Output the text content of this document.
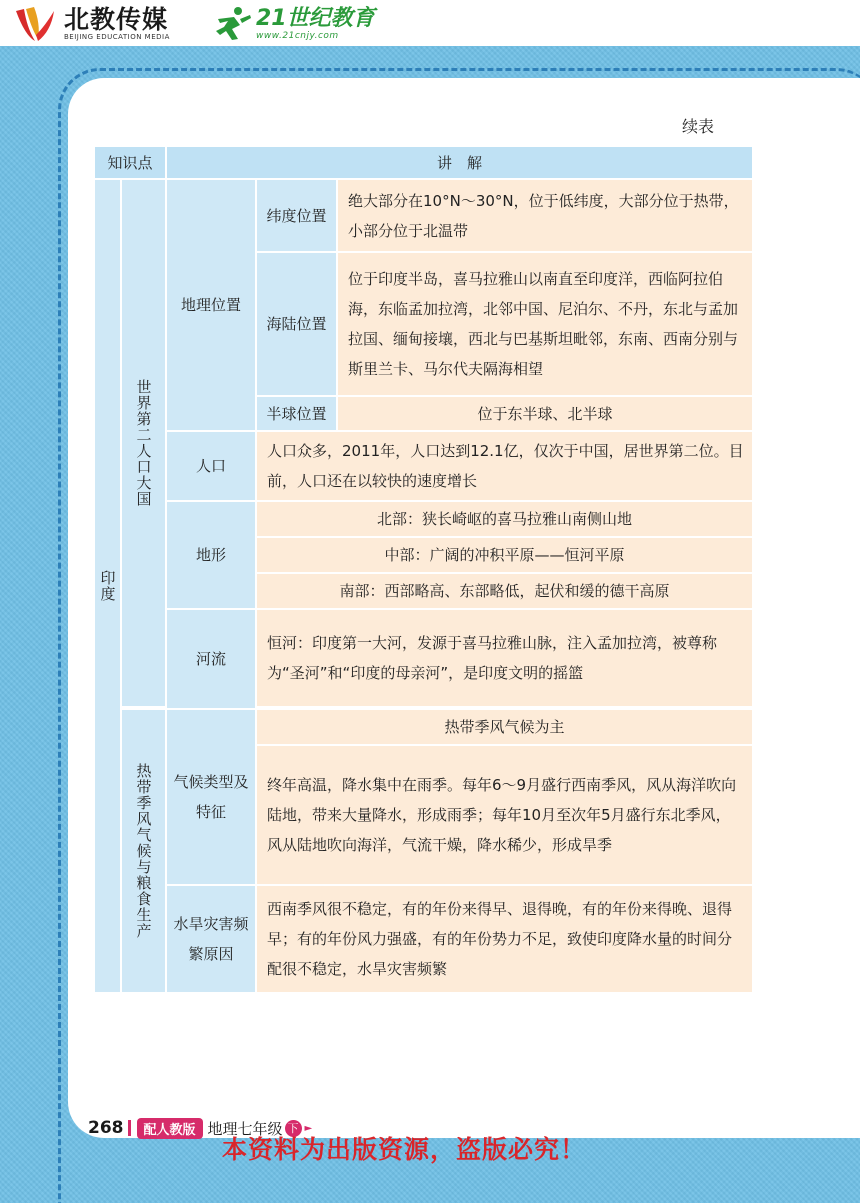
北教传媒
BEIJING EDUCATION MEDIA
21世纪教育
www.21cnjy.com
续表
知识点		讲　解		

印度	世界第二人口大国	地理位置	纬度位置	绝大部分在10°N～30°N，位于低纬度，大部分位于热带，小部分位于北温带
			海陆位置	位于印度半岛，喜马拉雅山以南直至印度洋，西临阿拉伯海，东临孟加拉湾，北邻中国、尼泊尔、不丹，东北与孟加拉国、缅甸接壤，西北与巴基斯坦毗邻，东南、西南分别与斯里兰卡、马尔代夫隔海相望
			半球位置	位于东半球、北半球
		人口	人口众多，2011年，人口达到12.1亿，仅次于中国，居世界第二位。目前，人口还在以较快的速度增长	
		地形	北部：狭长崎岖的喜马拉雅山南侧山地	
			中部：广阔的冲积平原——恒河平原	
			南部：西部略高、东部略低，起伏和缓的德干高原	
		河流	恒河：印度第一大河，发源于喜马拉雅山脉，注入孟加拉湾，被尊称为“圣河”和“印度的母亲河”，是印度文明的摇篮	

	热带季风气候与粮食生产	气候类型及特征	热带季风气候为主	
			终年高温，降水集中在雨季。每年6～9月盛行西南季风，风从海洋吹向陆地，带来大量降水，形成雨季；每年10月至次年5月盛行东北季风，风从陆地吹向海洋，气流干燥，降水稀少，形成旱季	
		水旱灾害频繁原因	西南季风很不稳定，有的年份来得早、退得晚，有的年份来得晚、退得早；有的年份风力强盛，有的年份势力不足，致使印度降水量的时间分配很不稳定，水旱灾害频繁	
268	配人教版 地理七年级 下 ►
本资料为出版资源，盗版必究！
